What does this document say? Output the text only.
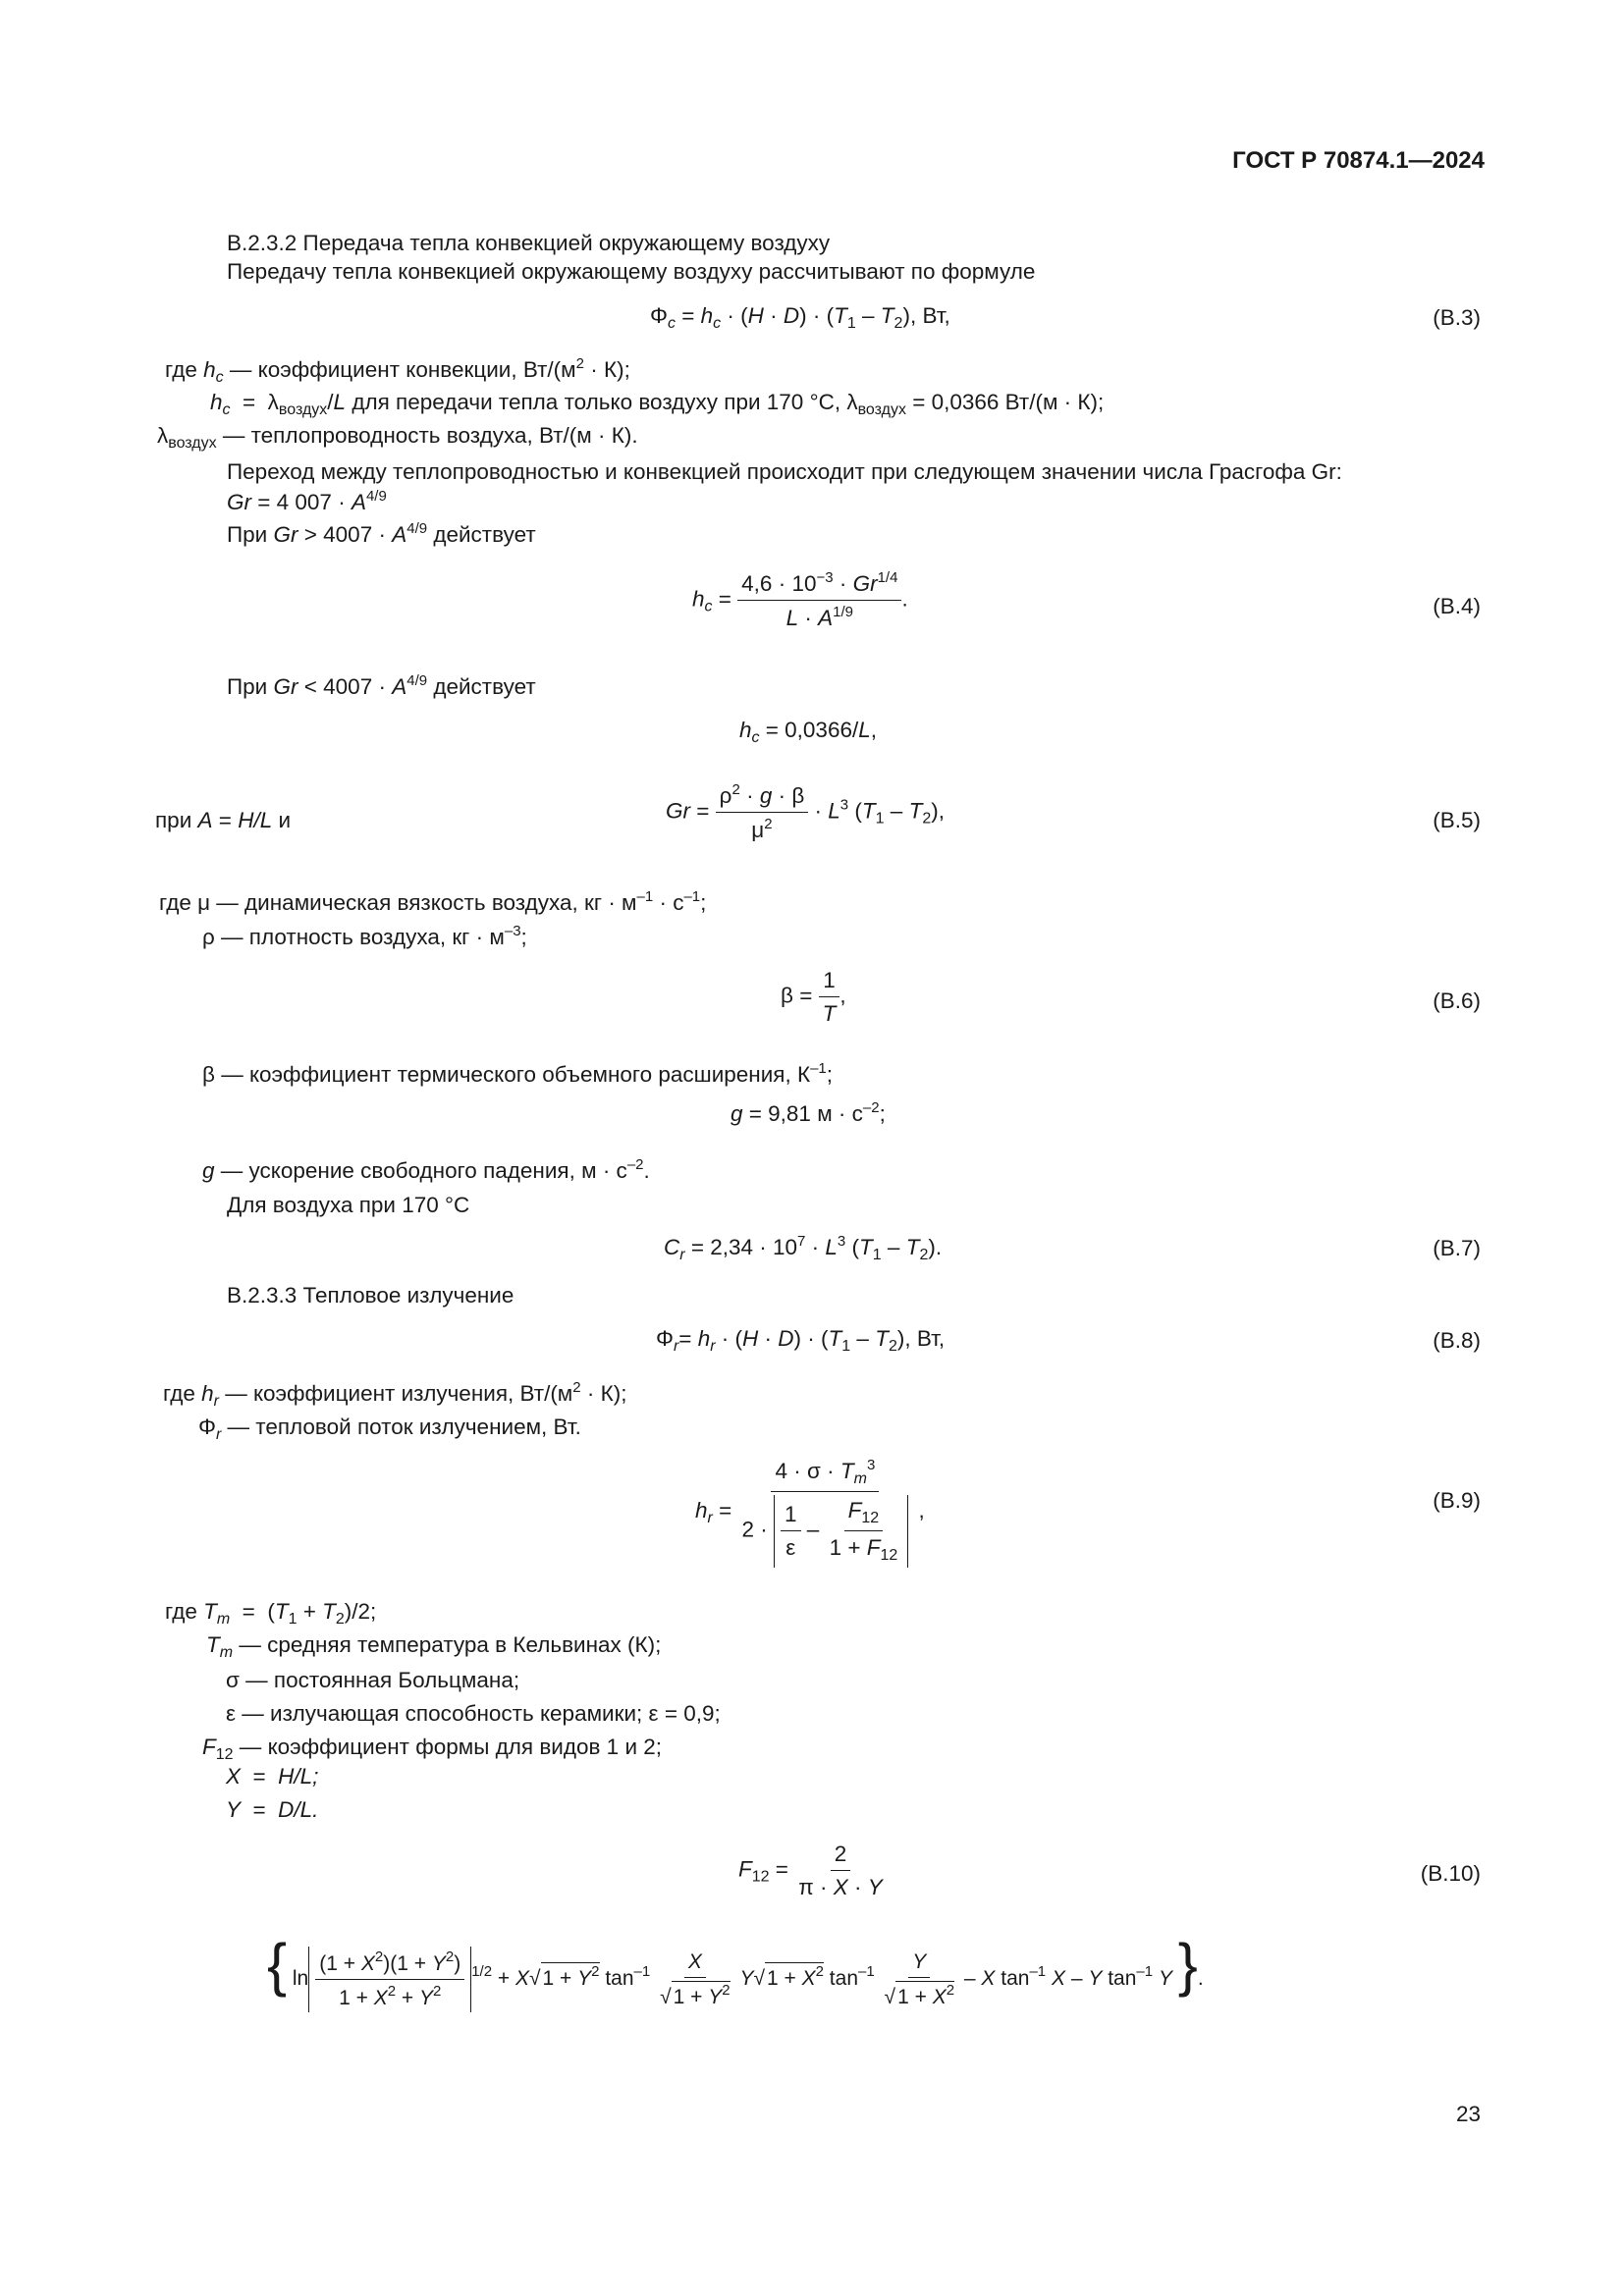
ГОСТ Р 70874.1—2024
В.2.3.2 Передача тепла конвекцией окружающему воздуху
Передачу тепла конвекцией окружающему воздуху рассчитывают по формуле
$\Phi_c = h_c \cdot (H \cdot D) \cdot (T_1 - T_2)$, Вт,	(В.3)
где $h_c$ — коэффициент конвекции, $Вт/(м^2 \cdot К)$;
$h_c = \lambda_{воздух}/L$ для передачи тепла только воздуху при 170 °С, $\lambda_{воздух} = 0,0366$ Вт/(м · К);
$\lambda_{воздух}$ — теплопроводность воздуха, Вт/(м · К).
Переход между теплопроводностью и конвекцией происходит при следующем значении числа Грасгофа Gr:
Gr = 4 $007 \cdot A^{4/9}$
При $Gr > 4007 \cdot A^{4/9}$ действует
$h_c = \frac{4,6 \cdot 10^{-3} \cdot Gr^{1/4}}{L \cdot A^{1/9}}$ .	(В.4)
При $Gr < 4007 \cdot A^{4/9}$ действует
$h_c = 0,0366/L$,
при A = H/L и	$Gr = \frac{\rho^2 \cdot g \cdot \beta}{\mu^2} \cdot L^3$ $(T_1 - T_2)$,	(В.5)
где μ — динамическая вязкость воздуха, кг · $м^{-1} \cdot с^{-1}$;
ρ — плотность воздуха, кг · $м^{-3}$;
$\beta = \frac{1}{T}$ ,	(В.6)
β — коэффициент термического объемного расширения, $К^{-1}$;
g = 9,81 $м \cdot с^{-2}$;
g — ускорение свободного падения, $м \cdot с^{-2}$.
Для воздуха при 170 °С
$C_r = 2,34 \cdot 10^7 \cdot L^3$ $(T_1 - T_2)$.	(В.7)
В.2.3.3 Тепловое излучение
$\Phi_r= h_r \cdot (H \cdot D) \cdot (T_1 - T_2)$, Вт,	(В.8)
где $h_r$ — коэффициент излучения, $Вт/(м^2 \cdot К)$;
$\Phi_r$ — тепловой поток излучением, Вт.
$h_r = \frac{4 \cdot \sigma \cdot T_m^3}{2 \cdot \frac{1}{\varepsilon} - \frac{F_{12}}{1 + F_{12}}}$ ,	(В.9)
где $T_m = (T_1 + T_2)/2$;
$T_m$ — средняя температура в Кельвинах (К);
σ — постоянная Больцмана;
ε — излучающая способность керамики; ε = 0,9;
$F_{12}$ — коэффициент формы для видов 1 и 2;
X  =  H/L;
Y  =  D/L.
$F_{12} = \frac{2}{\pi \cdot X \cdot Y}$	(В.10)
{ $\ln \frac{(1 + X^2)(1 + Y^2)}{1 + X^2 + Y^2} ^{1/2} + X√1 + Y^2$ $\tan^{-1} \frac{X}{√1 + Y^2} Y√1 + X^2$ $\tan^{-1} \frac{Y}{√1 + X^2}$ – X $\tan^{-1} X$ – Y $\tan^{-1} Y$ }.
23
